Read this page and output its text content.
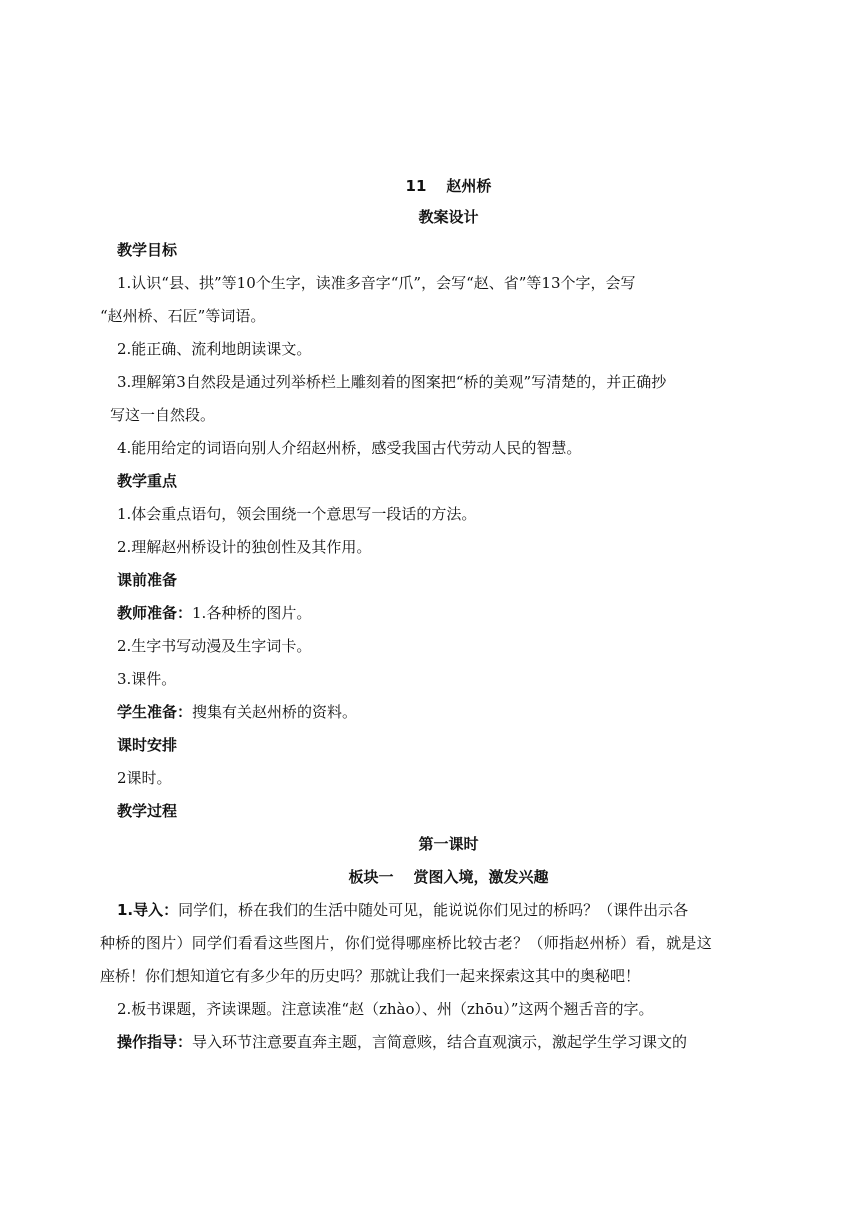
11 赵州桥
教案设计
教学目标
1.认识“县、拱”等10个生字，读准多音字“爪”，会写“赵、省”等13个字，会写
“赵州桥、石匠”等词语。
2.能正确、流利地朗读课文。
3.理解第3自然段是通过列举桥栏上雕刻着的图案把“桥的美观”写清楚的，并正确抄
写这一自然段。
4.能用给定的词语向别人介绍赵州桥，感受我国古代劳动人民的智慧。
教学重点
1.体会重点语句，领会围绕一个意思写一段话的方法。
2.理解赵州桥设计的独创性及其作用。
课前准备
教师准备：1.各种桥的图片。
2.生字书写动漫及生字词卡。
3.课件。
学生准备：搜集有关赵州桥的资料。
课时安排
2课时。
教学过程
第一课时
板块一 赏图入境，激发兴趣
1.导入：同学们，桥在我们的生活中随处可见，能说说你们见过的桥吗？（课件出示各
种桥的图片）同学们看看这些图片，你们觉得哪座桥比较古老？（师指赵州桥）看，就是这
座桥！你们想知道它有多少年的历史吗？那就让我们一起来探索这其中的奥秘吧！
2.板书课题，齐读课题。注意读准“赵（zhào）、州（zhōu）”这两个翘舌音的字。
操作指导：导入环节注意要直奔主题，言简意赅，结合直观演示，激起学生学习课文的
